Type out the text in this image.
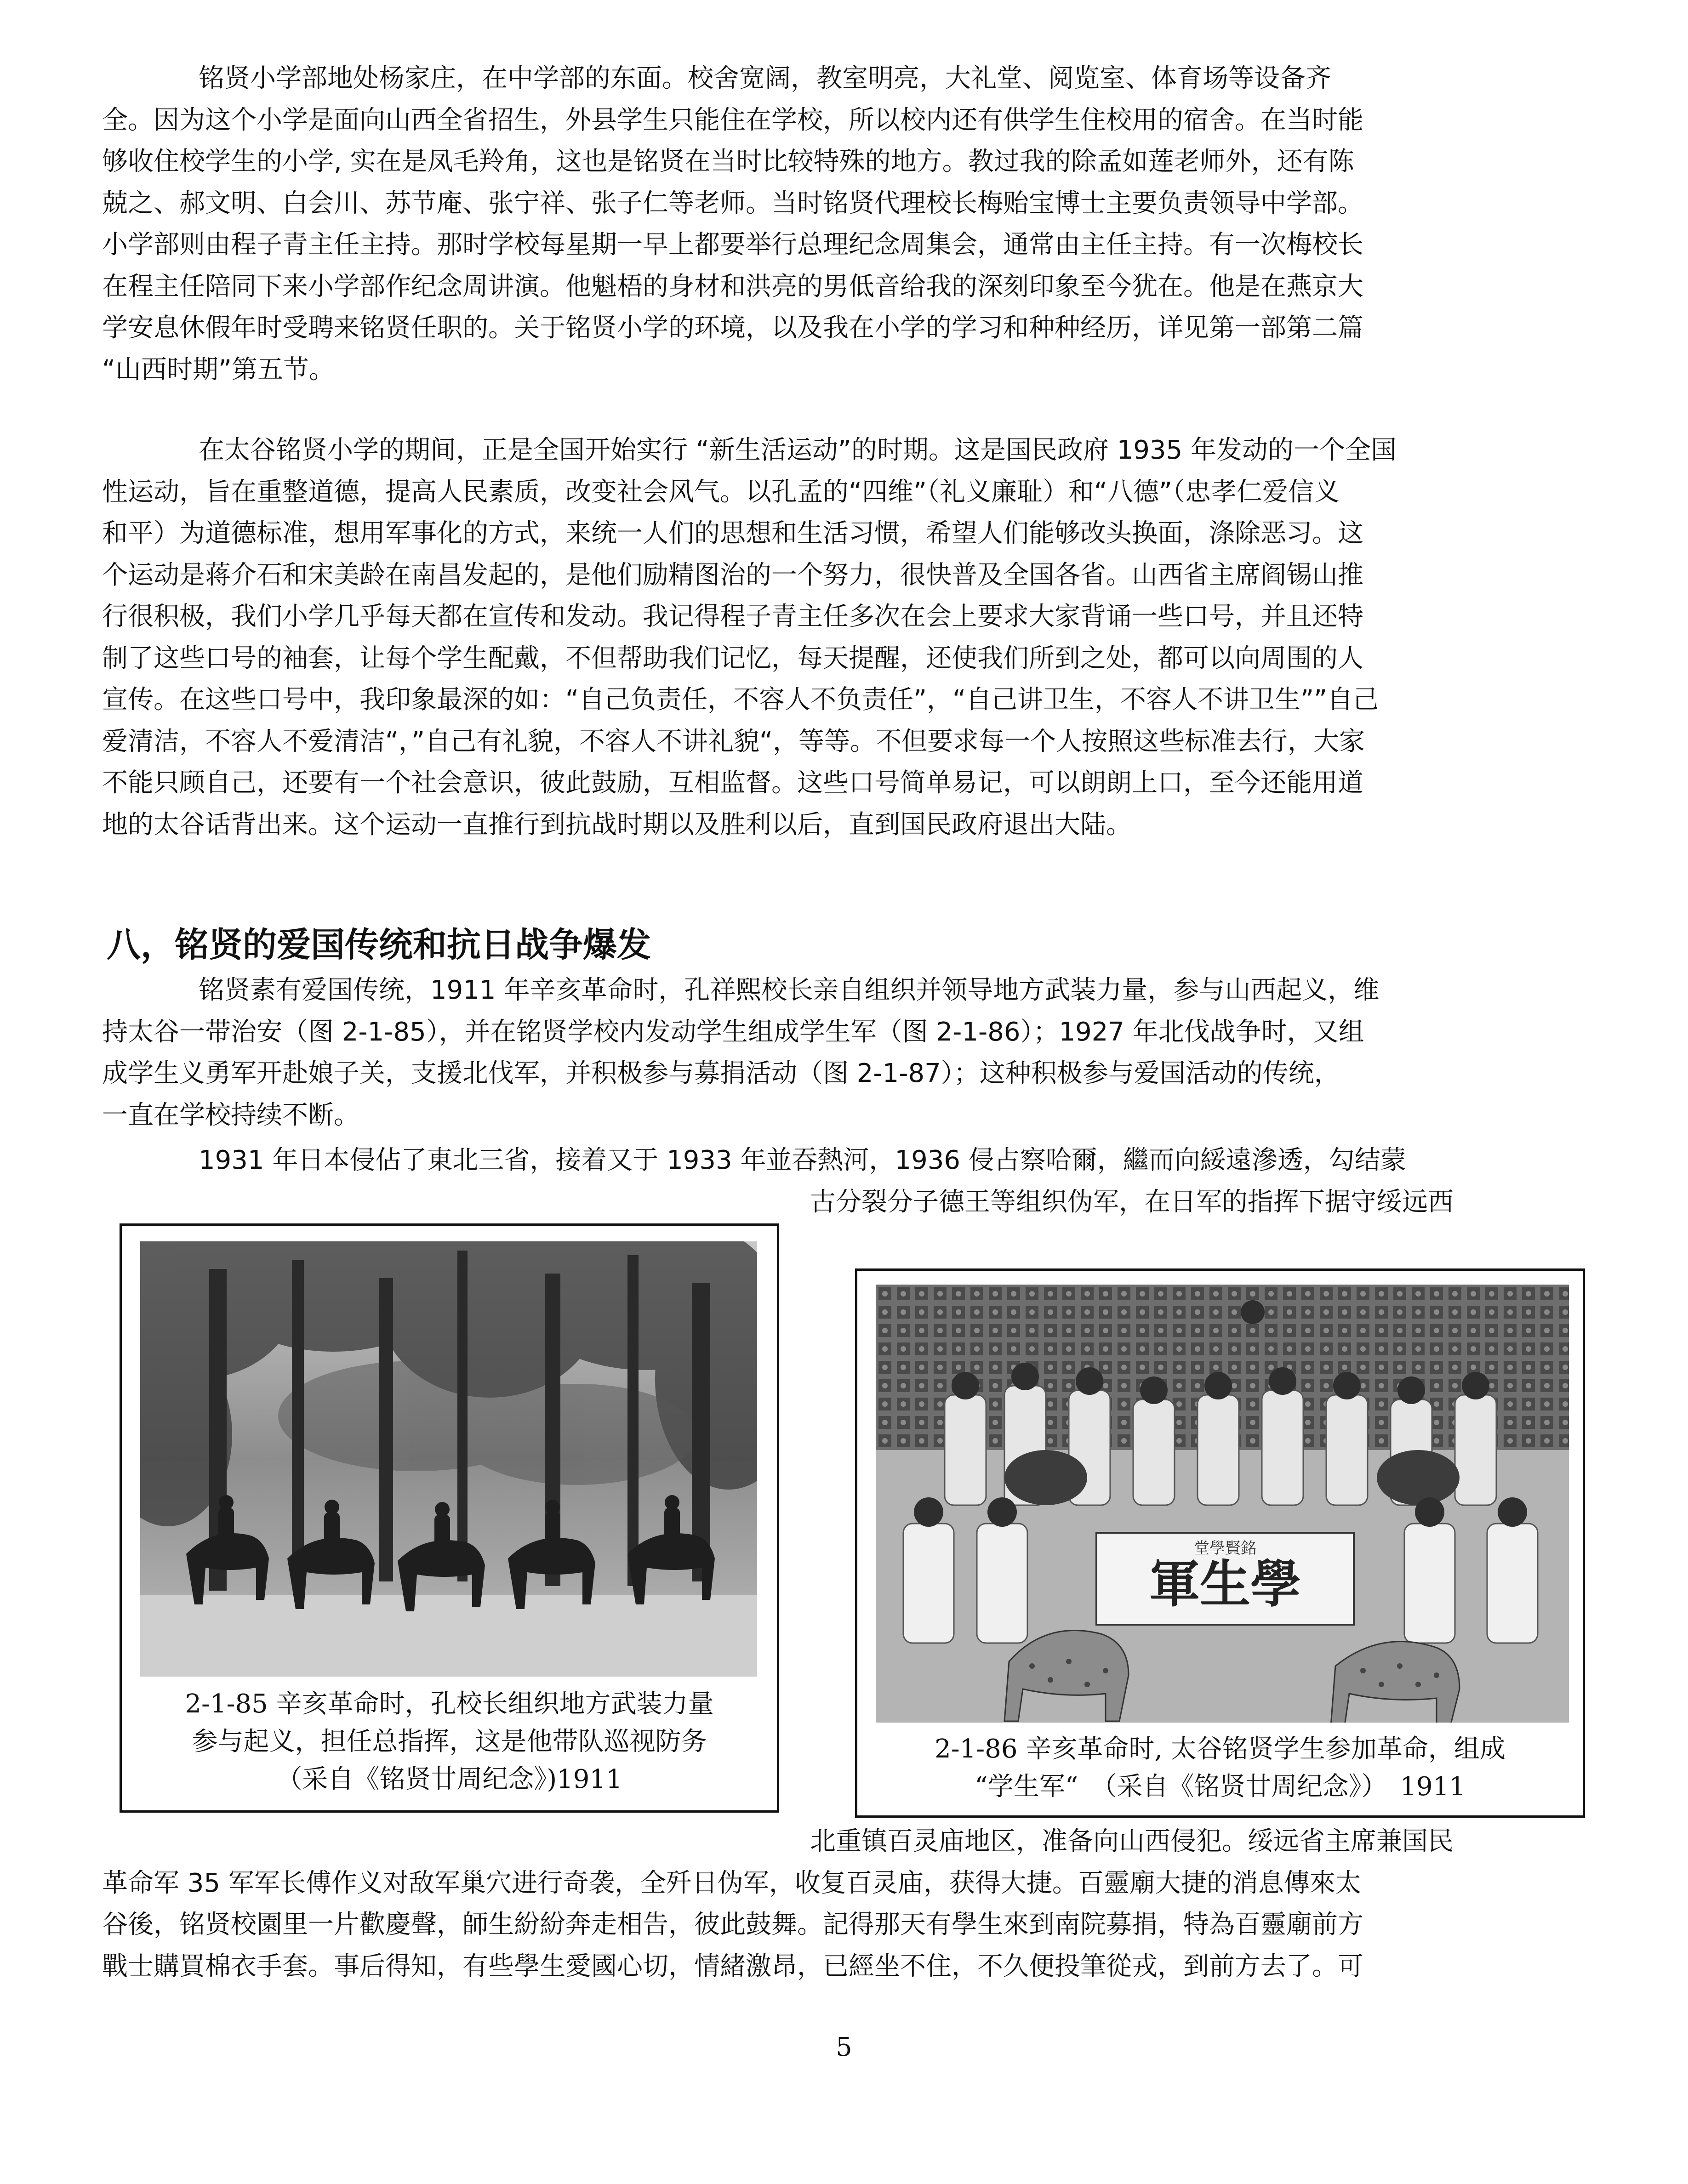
铭贤小学部地处杨家庄，在中学部的东面。校舍宽阔，教室明亮，大礼堂、阅览室、体育场等设备齐
全。因为这个小学是面向山西全省招生，外县学生只能住在学校，所以校内还有供学生住校用的宿舍。在当时能
够收住校学生的小学, 实在是凤毛羚角，这也是铭贤在当时比较特殊的地方。教过我的除孟如莲老师外，还有陈
兢之、郝文明、白会川、苏节庵、张宁祥、张子仁等老师。当时铭贤代理校长梅贻宝博士主要负责领导中学部。
小学部则由程子青主任主持。那时学校每星期一早上都要举行总理纪念周集会，通常由主任主持。有一次梅校长
在程主任陪同下来小学部作纪念周讲演。他魁梧的身材和洪亮的男低音给我的深刻印象至今犹在。他是在燕京大
学安息休假年时受聘来铭贤任职的。关于铭贤小学的环境，以及我在小学的学习和种种经历，详见第一部第二篇
“山西时期”第五节。
在太谷铭贤小学的期间，正是全国开始实行 “新生活运动”的时期。这是国民政府 1935 年发动的一个全国
性运动，旨在重整道德，提高人民素质，改变社会风气。以孔孟的“四维”（礼义廉耻）和“八德”（忠孝仁爱信义
和平）为道德标准，想用军事化的方式，来统一人们的思想和生活习惯，希望人们能够改头换面，涤除恶习。这
个运动是蒋介石和宋美龄在南昌发起的，是他们励精图治的一个努力，很快普及全国各省。山西省主席阎锡山推
行很积极，我们小学几乎每天都在宣传和发动。我记得程子青主任多次在会上要求大家背诵一些口号，并且还特
制了这些口号的袖套，让每个学生配戴，不但帮助我们记忆，每天提醒，还使我们所到之处，都可以向周围的人
宣传。在这些口号中，我印象最深的如：“自己负责任，不容人不负责任”，“自己讲卫生，不容人不讲卫生””自己
爱清洁，不容人不爱清洁“，”自己有礼貌，不容人不讲礼貌“，等等。不但要求每一个人按照这些标准去行，大家
不能只顾自己，还要有一个社会意识，彼此鼓励，互相监督。这些口号简单易记，可以朗朗上口，至今还能用道
地的太谷话背出来。这个运动一直推行到抗战时期以及胜利以后，直到国民政府退出大陆。
八，铭贤的爱国传统和抗日战争爆发
铭贤素有爱国传统，1911 年辛亥革命时，孔祥熙校长亲自组织并领导地方武装力量，参与山西起义，维
持太谷一带治安（图 2-1-85），并在铭贤学校内发动学生组成学生军（图 2-1-86）；1927 年北伐战争时，又组
成学生义勇军开赴娘子关，支援北伐军，并积极参与募捐活动（图 2-1-87）；这种积极参与爱国活动的传统，
一直在学校持续不断。
1931 年日本侵佔了東北三省，接着又于 1933 年並吞熱河，1936 侵占察哈爾，繼而向綏遠滲透，勾结蒙
古分裂分子德王等组织伪军，在日军的指挥下据守绥远西
2-1-85 辛亥革命时，孔校长组织地方武装力量
参与起义，担任总指挥，这是他带队巡视防务
（采自《铭贤廿周纪念》)1911
堂學賢銘
軍生學
2-1-86 辛亥革命时, 太谷铭贤学生参加革命，组成
“学生军“　（采自《铭贤廿周纪念》）　1911
北重镇百灵庙地区，准备向山西侵犯。绥远省主席兼国民
革命军 35 军军长傅作义对敌军巢穴进行奇袭，全歼日伪军，收复百灵庙，获得大捷。百靈廟大捷的消息傳來太
谷後，铭贤校園里一片歡慶聲，師生紛紛奔走相告，彼此鼓舞。記得那天有學生來到南院募捐，特為百靈廟前方
戰士購買棉衣手套。事后得知，有些學生愛國心切，情緒激昂，已經坐不住，不久便投筆從戎，到前方去了。可
5
